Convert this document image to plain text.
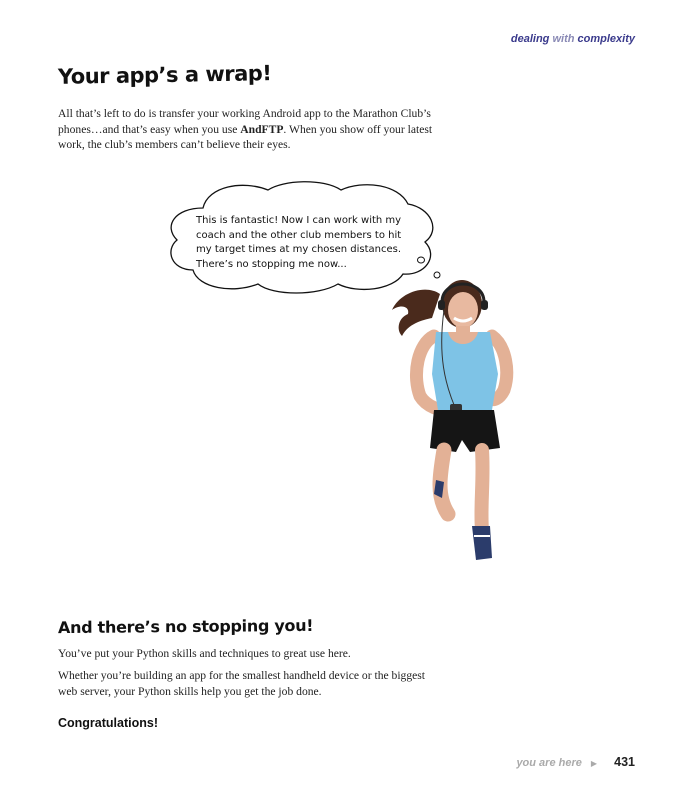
dealing with complexity
Your app’s a wrap!

All that’s left to do is transfer your working Android app to the Marathon Club’s phones…and that’s easy when you use AndFTP. When you show off your latest work, the club’s members can’t believe their eyes.

This is fantastic! Now I can work with my coach and the other club members to hit my target times at my chosen distances. There’s no stopping me now...

And there’s no stopping you!

You’ve put your Python skills and techniques to great use here.

Whether you’re building an app for the smallest handheld device or the biggest web server, your Python skills help you get the job done.

Congratulations!

you are here ▶ 431
